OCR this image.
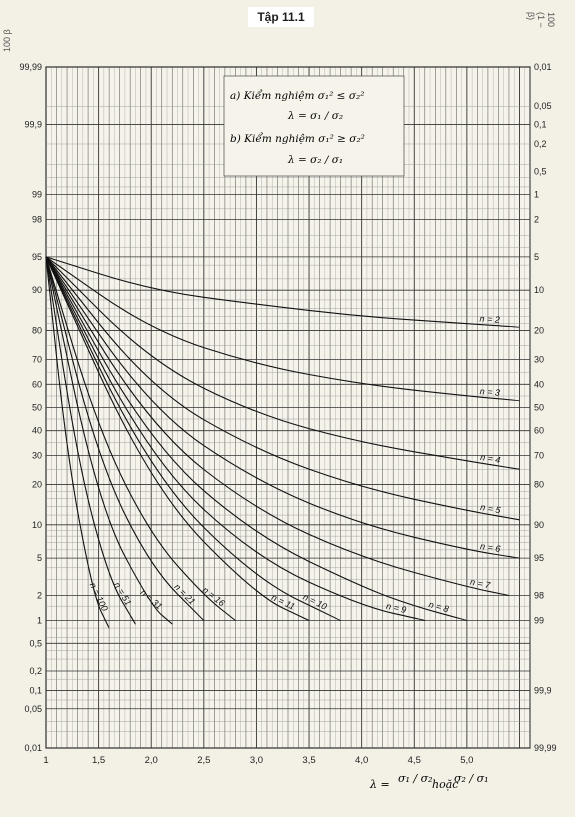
Tập 11.1
100 β
100 (1 − β)
n = 2
n = 3
n = 4
n = 5
n = 6
n = 7
n = 8
n = 9
n = 10
n = 11
n = 16
n = 21
n = 31
n = 51
n = 100
1	1,5	2,0	2,5	3,0	3,5	4,0	4,5	5,0
99,99
99,9
99
98
95
90
80
70
60
50
40
30
20
10
5
2
1
0,5
0,2
0,1
0,05
0,01
0,01
0,05
0,1
0,2
0,5
1
2
5
10
20
30
40
50
60
70
80
90
95
98
99
99,9
99,99
a) Kiểm nghiệm σ₁² ≤ σ₂²
λ = σ₁ / σ₂
b) Kiểm nghiệm σ₁² ≥ σ₂²
λ = σ₂ / σ₁
λ = σ₁ / σ₂ hoặc
σ₂ / σ₁
